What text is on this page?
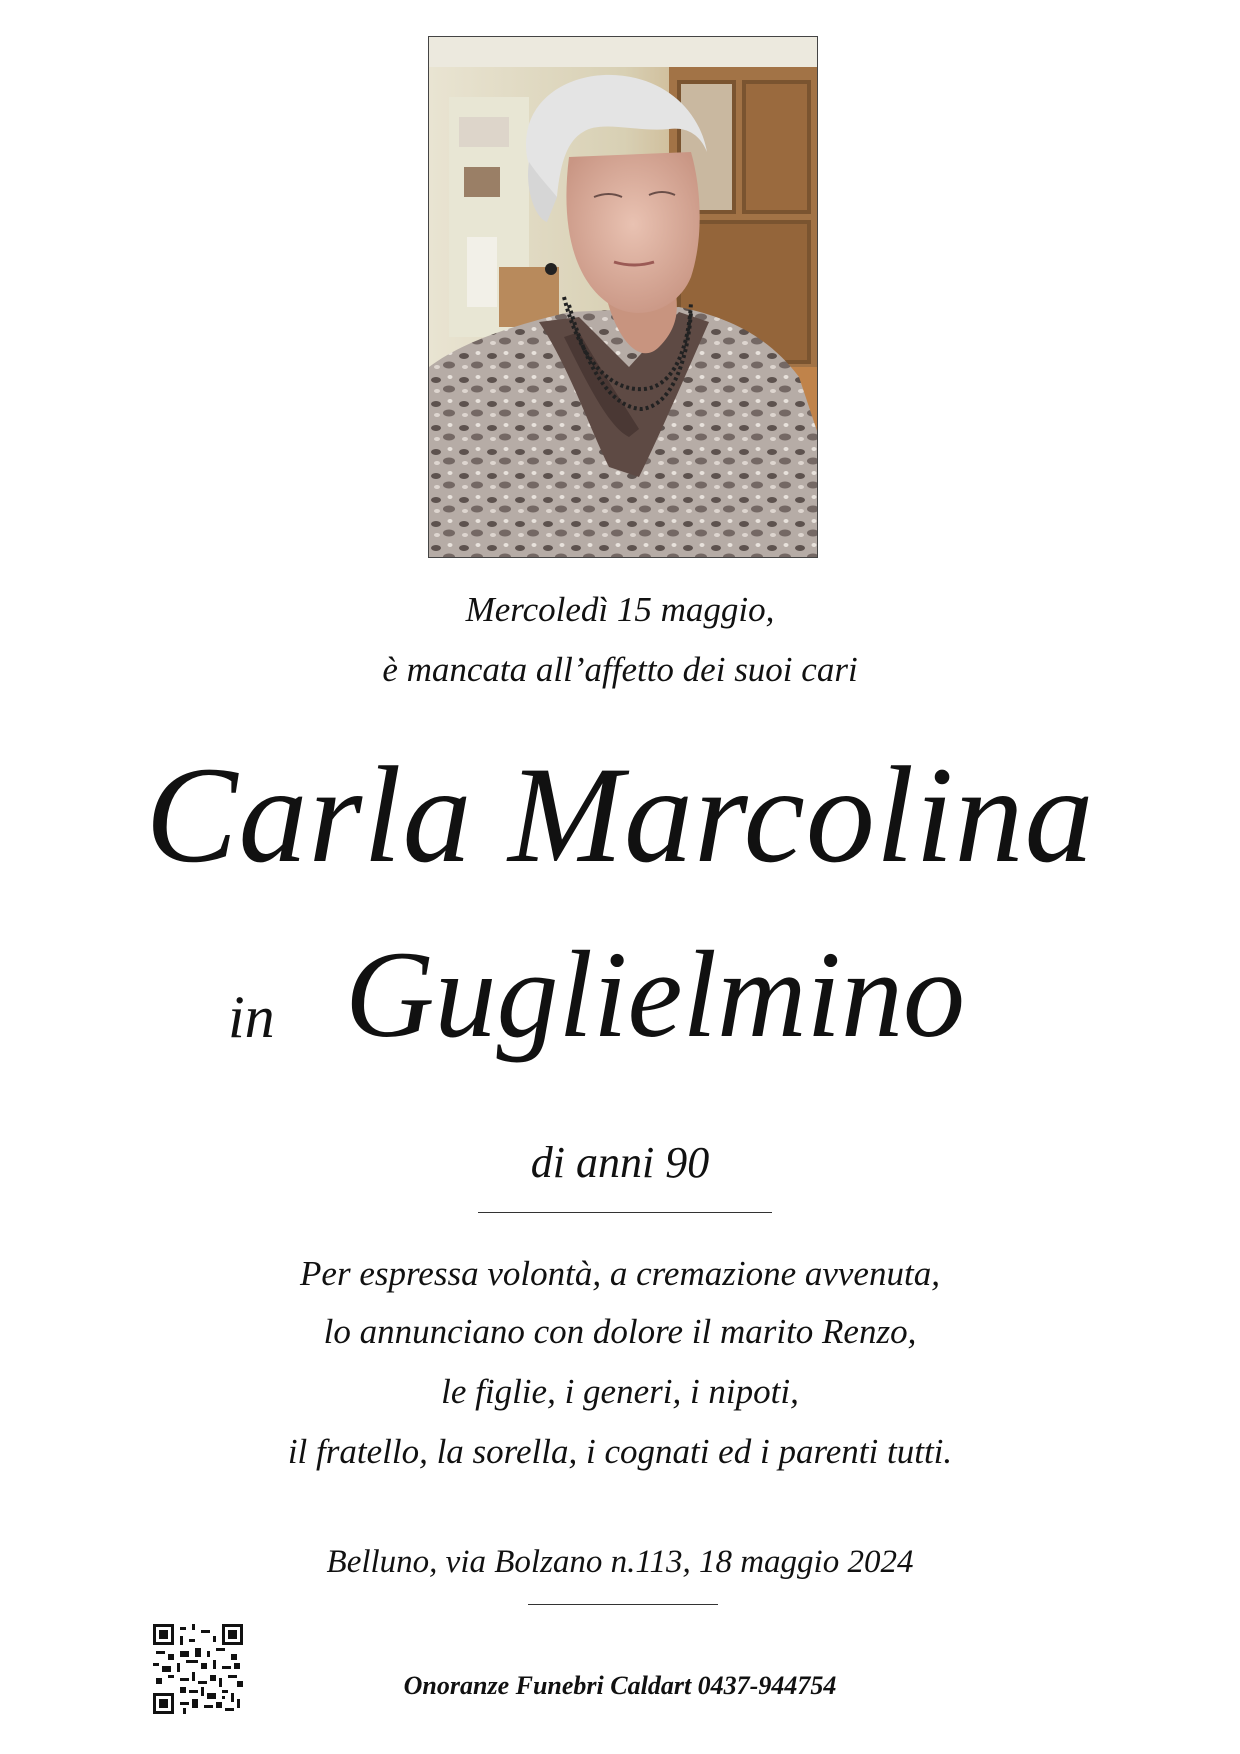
Mercoledì 15 maggio,
è mancata all’affetto dei suoi cari
Carla Marcolina
in Guglielmino
di anni 90
Per espressa volontà, a cremazione avvenuta,
lo annunciano con dolore il marito Renzo,
le figlie, i generi, i nipoti,
il fratello, la sorella, i cognati ed i parenti tutti.
Belluno, via Bolzano n.113, 18 maggio 2024
Onoranze Funebri Caldart 0437-944754
